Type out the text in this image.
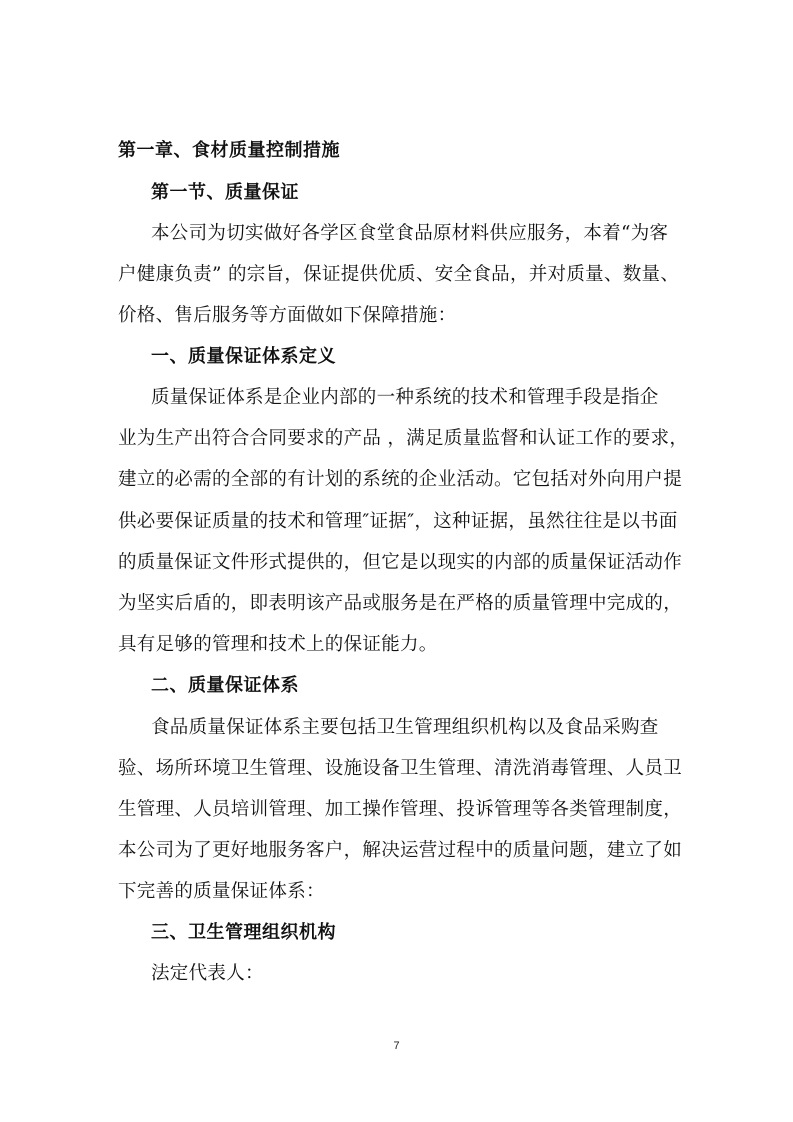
第一章、食材质量控制措施
第一节、质量保证
本公司为切实做好各学区食堂食品原材料供应服务，本着“为客
户健康负责” 的宗旨，保证提供优质、安全食品，并对质量、数量、
价格、售后服务等方面做如下保障措施：
一、质量保证体系定义
质量保证体系是企业内部的一种系统的技术和管理手段是指企
业为生产出符合合同要求的产品 ，满足质量监督和认证工作的要求，
建立的必需的全部的有计划的系统的企业活动。它包括对外向用户提
供必要保证质量的技术和管理″证据″，这种证据，虽然往往是以书面
的质量保证文件形式提供的，但它是以现实的内部的质量保证活动作
为坚实后盾的，即表明该产品或服务是在严格的质量管理中完成的，
具有足够的管理和技术上的保证能力。
二、质量保证体系
食品质量保证体系主要包括卫生管理组织机构以及食品采购查
验、场所环境卫生管理、设施设备卫生管理、清洗消毒管理、人员卫
生管理、人员培训管理、加工操作管理、投诉管理等各类管理制度，
本公司为了更好地服务客户，解决运营过程中的质量问题，建立了如
下完善的质量保证体系：
三、卫生管理组织机构
法定代表人：
7
